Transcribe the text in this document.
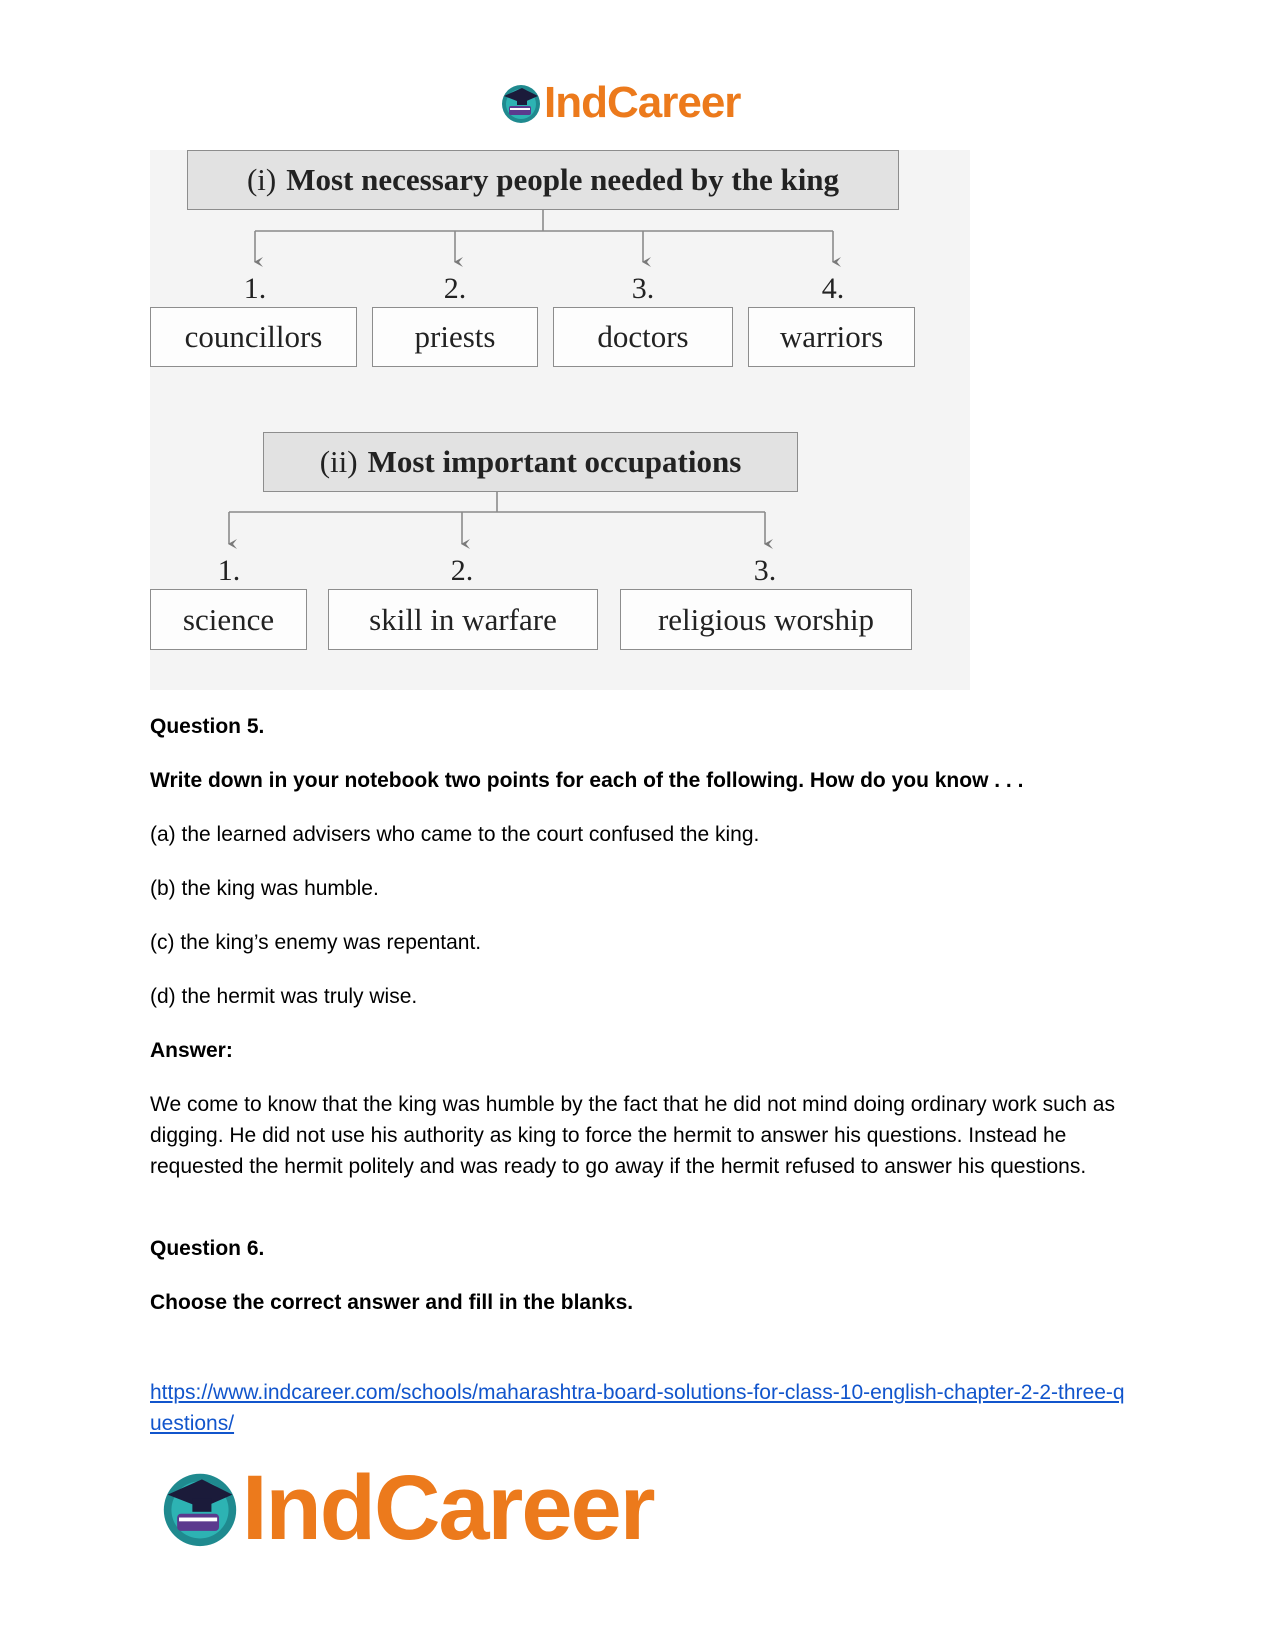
IndCareer
(i) Most necessary people needed by the king
1.	2.	3.	4.
councillors	priests	doctors	warriors
(ii) Most important occupations
1.	2.	3.
science	skill in warfare	religious worship

Question 5.

Write down in your notebook two points for each of the following. How do you know . . .

(a) the learned advisers who came to the court confused the king.

(b) the king was humble.

(c) the king’s enemy was repentant.

(d) the hermit was truly wise.

Answer:

We come to know that the king was humble by the fact that he did not mind doing ordinary work such as digging. He did not use his authority as king to force the hermit to answer his questions. Instead he requested the hermit politely and was ready to go away if the hermit refused to answer his questions.

Question 6.

Choose the correct answer and fill in the blanks.

https://www.indcareer.com/schools/maharashtra-board-solutions-for-class-10-english-chapter-2-2-three-questions/
IndCareer
